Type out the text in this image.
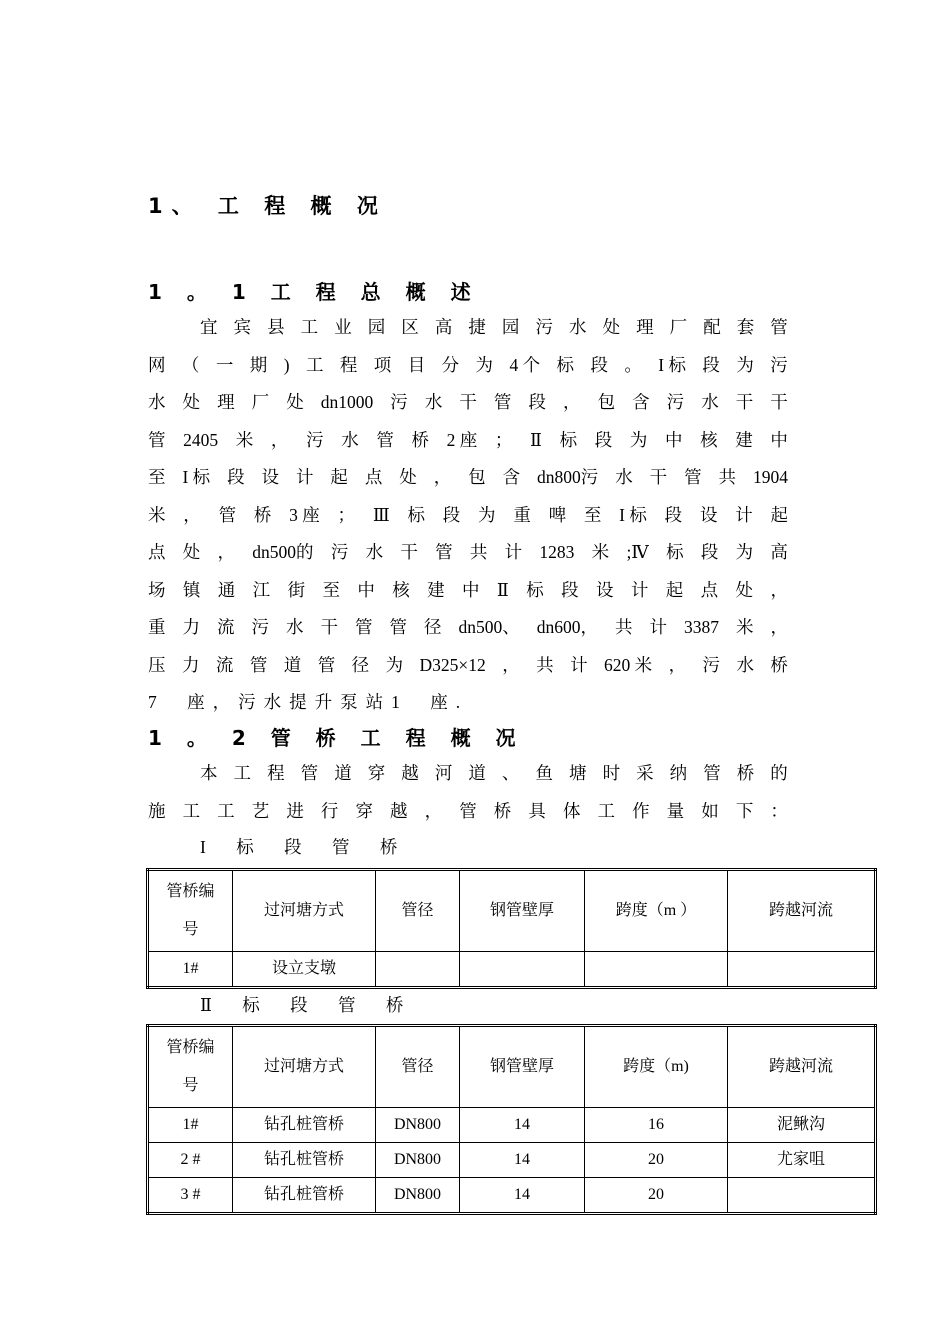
1、 工 程 概 况
1 。 1 工 程 总 概 述
宜 宾 县 工 业 园 区 高 捷 园 污 水 处 理 厂 配 套 管
网 （ 一 期 ) 工 程 项 目 分 为 4 个 标 段 。 I 标 段 为 污
水 处 理 厂 处 dn1000 污 水 干 管 段 ， 包 含 污 水 干 干
管 2405 米 ， 污 水 管 桥 2 座 ； Ⅱ 标 段 为 中 核 建 中
至 I 标 段 设 计 起 点 处 ， 包 含 dn800污 水 干 管 共 1904
米 ， 管 桥 3 座 ； Ⅲ 标 段 为 重 啤 至 I 标 段 设 计 起
点 处 ， dn500的 污 水 干 管 共 计 1283 米 ;Ⅳ 标 段 为 高
场 镇 通 江 街 至 中 核 建 中 Ⅱ 标 段 设 计 起 点 处 ，
重 力 流 污 水 干 管 管 径 dn500、 dn600， 共 计 3387 米 ，
压 力 流 管 道 管 径 为 D325×12 ， 共 计 620 米 ， 污 水 桥
7 座 ， 污 水 提 升 泵 站 1 座 .
1 。 2 管 桥 工 程 概 况
本 工 程 管 道 穿 越 河 道 、 鱼 塘 时 采 纳 管 桥 的
施 工 工 艺 进 行 穿 越 ， 管 桥 具 体 工 作 量 如 下 ：
I 标 段 管 桥
管桥编
号	过河塘方式	管径	钢管壁厚	跨度（m ）	跨越河流
1#	设立支墩				
Ⅱ 标 段 管 桥
管桥编
号	过河塘方式	管径	钢管壁厚	跨度（m)	跨越河流
1#	钻孔桩管桥	DN800	14	16	泥鳅沟
2 #	钻孔桩管桥	DN800	14	20	尤家咀
3 #	钻孔桩管桥	DN800	14	20	
